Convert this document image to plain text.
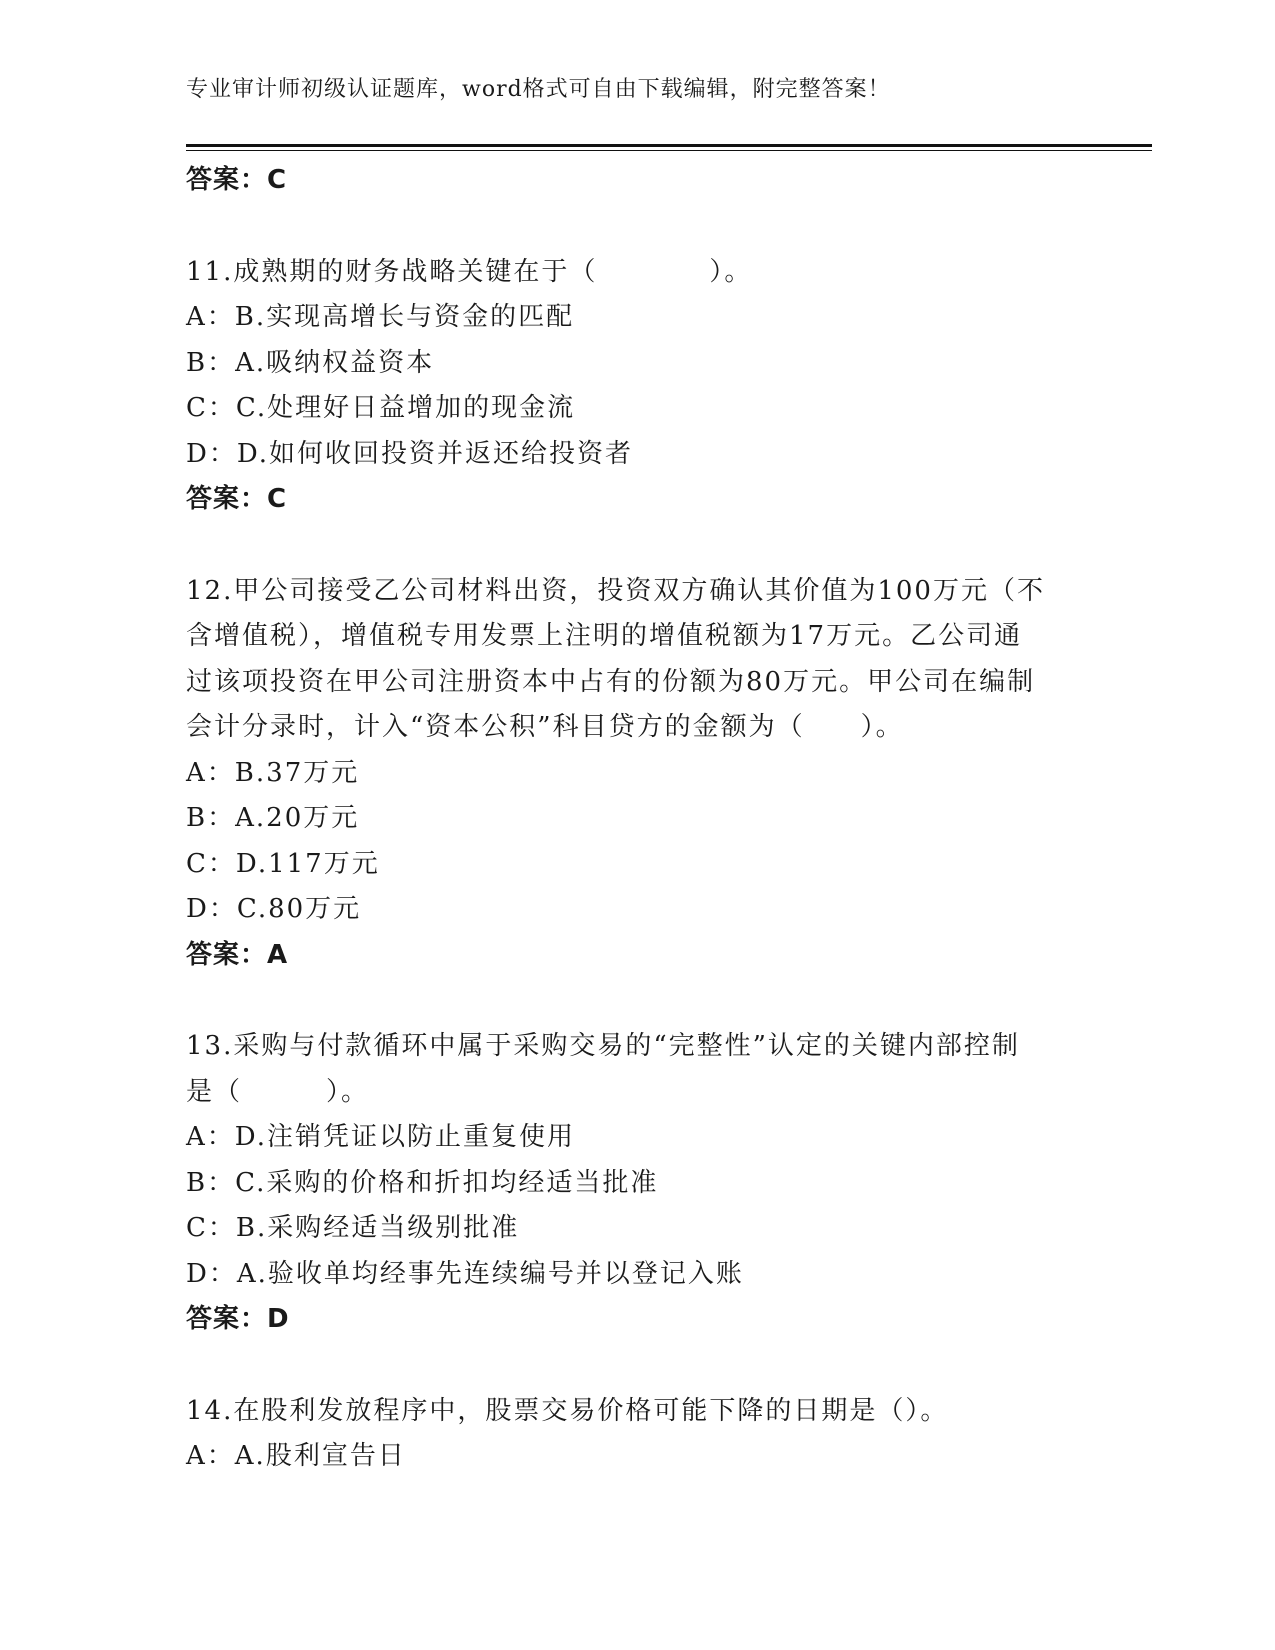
专业审计师初级认证题库，word格式可自由下载编辑，附完整答案！
答案：C
11.成熟期的财务战略关键在于（　　　　）。
A：B.实现高增长与资金的匹配
B：A.吸纳权益资本
C：C.处理好日益增加的现金流
D：D.如何收回投资并返还给投资者
答案：C
12.甲公司接受乙公司材料出资，投资双方确认其价值为100万元（不
含增值税），增值税专用发票上注明的增值税额为17万元。乙公司通
过该项投资在甲公司注册资本中占有的份额为80万元。甲公司在编制
会计分录时，计入“资本公积”科目贷方的金额为（　　）。
A：B.37万元
B：A.20万元
C：D.117万元
D：C.80万元
答案：A
13.采购与付款循环中属于采购交易的“完整性”认定的关键内部控制
是（　　　）。
A：D.注销凭证以防止重复使用
B：C.采购的价格和折扣均经适当批准
C：B.采购经适当级别批准
D：A.验收单均经事先连续编号并以登记入账
答案：D
14.在股利发放程序中，股票交易价格可能下降的日期是（）。
A：A.股利宣告日
